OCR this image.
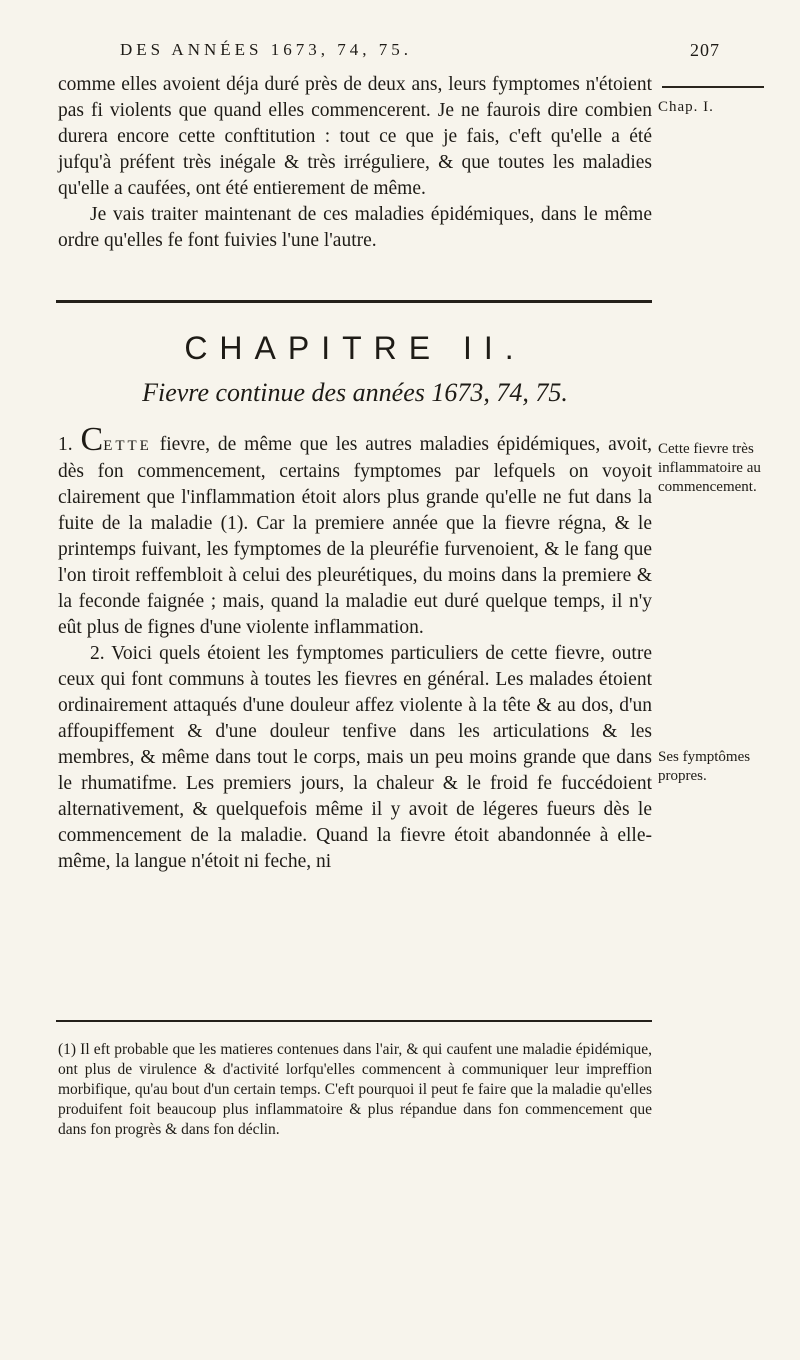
DES ANNÉES 1673, 74, 75.	207
Chap. I.

comme elles avoient déja duré près de deux ans, leurs fymptomes n'étoient pas fi violents que quand elles commencerent. Je ne faurois dire combien durera encore cette conftitution : tout ce que je fais, c'eft qu'elle a été jufqu'à préfent très inégale & très irréguliere, & que toutes les maladies qu'elle a caufées, ont été entierement de même.

Je vais traiter maintenant de ces maladies épidémiques, dans le même ordre qu'elles fe font fuivies l'une l'autre.

CHAPITRE II.
Fievre continue des années 1673, 74, 75.
Cette fievre très inflammatoire au commencement.
Ses fymptômes propres.

1. CETTE fievre, de même que les autres maladies épidémiques, avoit, dès fon commencement, certains fymptomes par lefquels on voyoit clairement que l'inflammation étoit alors plus grande qu'elle ne fut dans la fuite de la maladie (1). Car la premiere année que la fievre régna, & le printemps fuivant, les fymptomes de la pleuréfie furvenoient, & le fang que l'on tiroit reffembloit à celui des pleurétiques, du moins dans la premiere & la feconde faignée ; mais, quand la maladie eut duré quelque temps, il n'y eût plus de fignes d'une violente inflammation.

2. Voici quels étoient les fymptomes particuliers de cette fievre, outre ceux qui font communs à toutes les fievres en général. Les malades étoient ordinairement attaqués d'une douleur affez violente à la tête & au dos, d'un affoupiffement & d'une douleur tenfive dans les articulations & les membres, & même dans tout le corps, mais un peu moins grande que dans le rhumatifme. Les premiers jours, la chaleur & le froid fe fuccédoient alternativement, & quelquefois même il y avoit de légeres fueurs dès le commencement de la maladie. Quand la fievre étoit abandonnée à elle-même, la langue n'étoit ni feche, ni

(1) Il eft probable que les matieres contenues dans l'air, & qui caufent une maladie épidémique, ont plus de virulence & d'activité lorfqu'elles commencent à communiquer leur impreffion morbifique, qu'au bout d'un certain temps. C'eft pourquoi il peut fe faire que la maladie qu'elles produifent foit beaucoup plus inflammatoire & plus répandue dans fon commencement que dans fon progrès & dans fon déclin.
